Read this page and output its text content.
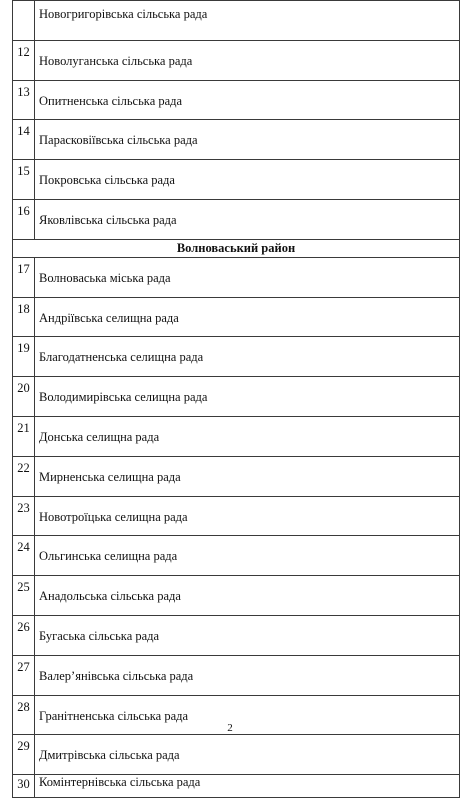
	Новогригорівська сільська рада

12	Новолуганська сільська рада

13	Опитненська сільська рада

14	Парасковіївська сільська рада

15	Покровська сільська рада

16	Яковлівська сільська рада

Волноваський район	
17	Волноваська міська рада

18	Андріївська селищна рада

19	Благодатненська селищна рада

20	Володимирівська селищна рада

21	Донська селищна рада

22	Мирненська селищна рада

23	Новотроїцька селищна рада

24	Ольгинська селищна рада

25	Анадольська сільська рада

26	Бугаська сільська рада

27	Валер’янівська сільська рада

28	Гранітненська сільська рада

29	Дмитрівська сільська рада

30	Комінтернівська сільська рада
2
